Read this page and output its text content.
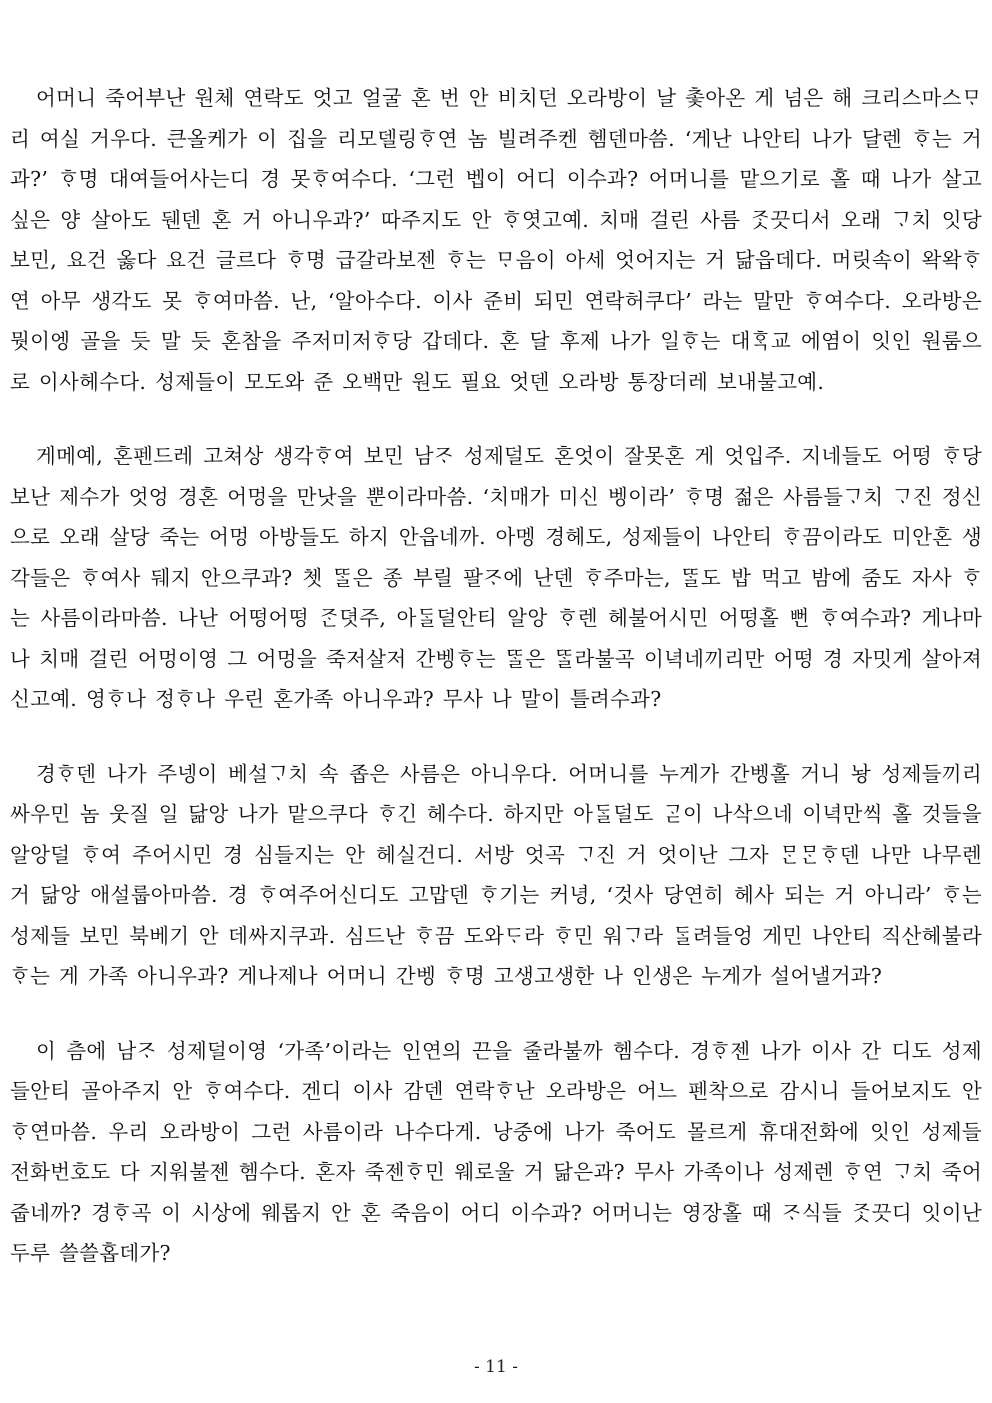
어머니 죽어부난 원체 연락도 엇고 얼굴 혼 번 안 비치던 오라방이 날 촟아온 게 넘은 해 크리스마스ᄆᆞ리 여실 거우다. 큰올케가 이 집을 리모델링ᄒᆞ연 놈 빌려주켄 헴덴마씀. ‘게난 나안티 나가 달렌 ᄒᆞ는 거과?’ ᄒᆞ명 대여들어사는디 경 못ᄒᆞ여수다. ‘그런 벱이 어디 이수과? 어머니를 맡으기로 홀 때 나가 살고 싶은 양 살아도 뒌덴 혼 거 아니우과?’ 따주지도 안 ᄒᆞ엿고예. 치매 걸린 사름 ᄌᆞᆺ끗디서 오래 ᄀᆞ치 잇당 보민, 요건 옳다 요건 글르다 ᄒᆞ명 급갈라보젠 ᄒᆞ는 ᄆᆞ음이 아세 엇어지는 거 닮읍데다. 머릿속이 왁왁ᄒᆞ연 아무 생각도 못 ᄒᆞ여마씀. 난, ‘알아수다. 이사 준비 되민 연락허쿠다’ 라는 말만 ᄒᆞ여수다. 오라방은 뭣이엥 골을 듯 말 듯 혼참을 주저미저ᄒᆞ당 갑데다. 혼 달 후제 나가 일ᄒᆞ는 대ᄒᆞᆨ교 에염이 잇인 원룸으로 이사헤수다. 성제들이 모도와 준 오백만 원도 필요 엇덴 오라방 통장더레 보내불고예.

게메예, 혼펜드레 고쳐상 생각ᄒᆞ여 보민 남ᄌᆞ 성제덜도 혼엇이 잘못혼 게 엇입주. 지네들도 어떵 ᄒᆞ당 보난 제수가 엇엉 경혼 어멍을 만낫을 뿐이라마씀. ‘치매가 미신 벵이라’ ᄒᆞ명 젊은 사름들ᄀᆞ치 ᄀᆞ진 정신으로 오래 살당 죽는 어멍 아방들도 하지 안읍네까. 아멩 경헤도, 성제들이 나안티 ᄒᆞ끔이라도 미안혼 생각들은 ᄒᆞ여사 뒈지 안으쿠과? 쳇 ᄄᆞᆯ은 종 부릴 팔ᄌᆞ에 난덴 ᄒᆞ주마는, ᄄᆞᆯ도 밥 먹고 밤에 줌도 자사 ᄒᆞ는 사름이라마씀. 나난 어떵어떵 ᄌᆞᆫ뎟주, 아ᄃᆞᆯ덜안티 알앙 ᄒᆞ렌 헤불어시민 어떵홀 뻔 ᄒᆞ여수과? 게나마나 치매 걸린 어멍이영 그 어멍을 죽저살저 간벵ᄒᆞ는 ᄄᆞᆯ은 ᄄᆞᆯ라불곡 이녁네끼리만 어떵 경 자밋게 살아져신고예. 영ᄒᆞ나 정ᄒᆞ나 우린 혼가족 아니우과? 무사 나 말이 틀려수과?

경ᄒᆞ덴 나가 주넹이 베설ᄀᆞ치 속 좁은 사름은 아니우다. 어머니를 누게가 간벵홀 거니 놩 성제들끼리 싸우민 놈 웃질 일 닮앙 나가 맡으쿠다 ᄒᆞ긴 헤수다. 하지만 아ᄃᆞᆯ덜도 ᄀᆞᆮ이 나삭으네 이녁만씩 홀 것들을 알앙덜 ᄒᆞ여 주어시민 경 심들지는 안 헤실건디. 서방 엇곡 ᄀᆞ진 거 엇이난 그자 ᄆᆞᆫᄆᆞᆫᄒᆞ덴 나만 나무렌 거 닮앙 애설룹아마씀. 경 ᄒᆞ여주어신디도 고맙덴 ᄒᆞ기는 커녕, ‘것사 당연히 헤사 되는 거 아니라’ ᄒᆞ는 성제들 보민 북베기 안 데싸지쿠과. 심드난 ᄒᆞ끔 도와ᄃᆞ라 ᄒᆞ민 워ᄀᆞ라 ᄃᆞᆯ려들엉 게민 나안티 직산헤불라 ᄒᆞ는 게 가족 아니우과? 게나제나 어머니 간벵 ᄒᆞ명 고생고생한 나 인생은 누게가 설어낼거과?

이 츰에 남ᄌᆞ 성제덜이영 ‘가족’이라는 인연의 끈을 줄라불까 헴수다. 경ᄒᆞ젠 나가 이사 간 디도 성제들안티 골아주지 안 ᄒᆞ여수다. 겐디 이사 감덴 연락ᄒᆞ난 오라방은 어느 펜착으로 감시니 들어보지도 안 ᄒᆞ연마씀. 우리 오라방이 그런 사름이라 나수다게. 낭중에 나가 죽어도 몰르게 휴대전화에 잇인 성제들 전화번호도 다 지워불젠 헴수다. 혼자 죽젠ᄒᆞ민 웨로울 거 닮은과? 무사 가족이나 성제렌 ᄒᆞ연 ᄀᆞ치 죽어줍네까? 경ᄒᆞ곡 이 시상에 웨롭지 안 혼 죽음이 어디 이수과? 어머니는 영장홀 때 ᄌᆞ식들 ᄌᆞᆺ끗디 잇이난 두루 쓸쓸홉데가?

- 11 -
